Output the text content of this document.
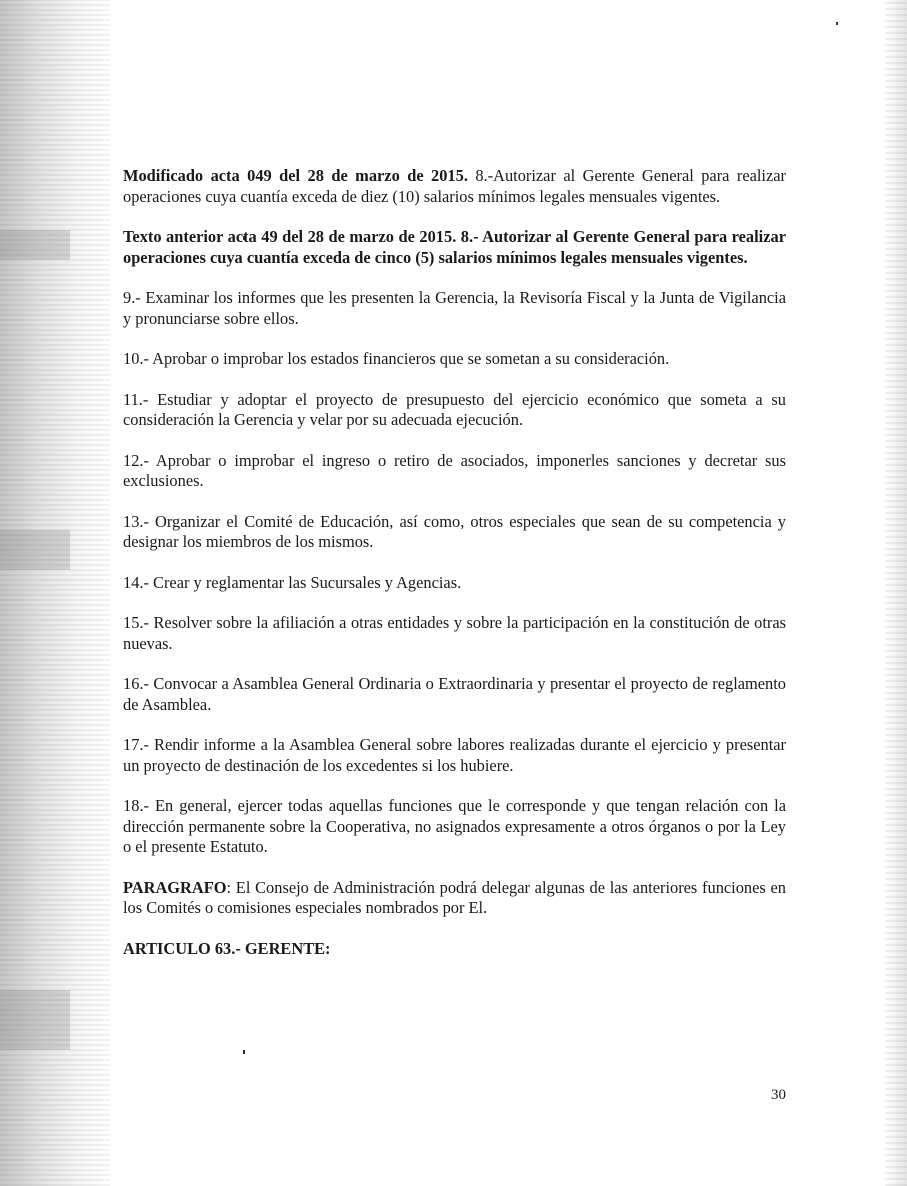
Modificado acta 049 del 28 de marzo de 2015. 8.-Autorizar al Gerente General para realizar operaciones cuya cuantía exceda de diez (10) salarios mínimos legales mensuales vigentes.

Texto anterior acta 49 del 28 de marzo de 2015. 8.- Autorizar al Gerente General para realizar operaciones cuya cuantía exceda de cinco (5) salarios mínimos legales mensuales vigentes.

9.- Examinar los informes que les presenten la Gerencia, la Revisoría Fiscal y la Junta de Vigilancia y pronunciarse sobre ellos.

10.- Aprobar o improbar los estados financieros que se sometan a su consideración.

11.- Estudiar y adoptar el proyecto de presupuesto del ejercicio económico que someta a su consideración la Gerencia y velar por su adecuada ejecución.

12.- Aprobar o improbar el ingreso o retiro de asociados, imponerles sanciones y decretar sus exclusiones.

13.- Organizar el Comité de Educación, así como, otros especiales que sean de su competencia y designar los miembros de los mismos.

14.- Crear y reglamentar las Sucursales y Agencias.

15.- Resolver sobre la afiliación a otras entidades y sobre la participación en la constitución de otras nuevas.

16.- Convocar a Asamblea General Ordinaria o Extraordinaria y presentar el proyecto de reglamento de Asamblea.

17.- Rendir informe a la Asamblea General sobre labores realizadas durante el ejercicio y presentar un proyecto de destinación de los excedentes si los hubiere.

18.- En general, ejercer todas aquellas funciones que le corresponde y que tengan relación con la dirección permanente sobre la Cooperativa, no asignados expresamente a otros órganos o por la Ley o el presente Estatuto.

PARAGRAFO: El Consejo de Administración podrá delegar algunas de las anteriores funciones en los Comités o comisiones especiales nombrados por El.

ARTICULO 63.- GERENTE:

30
